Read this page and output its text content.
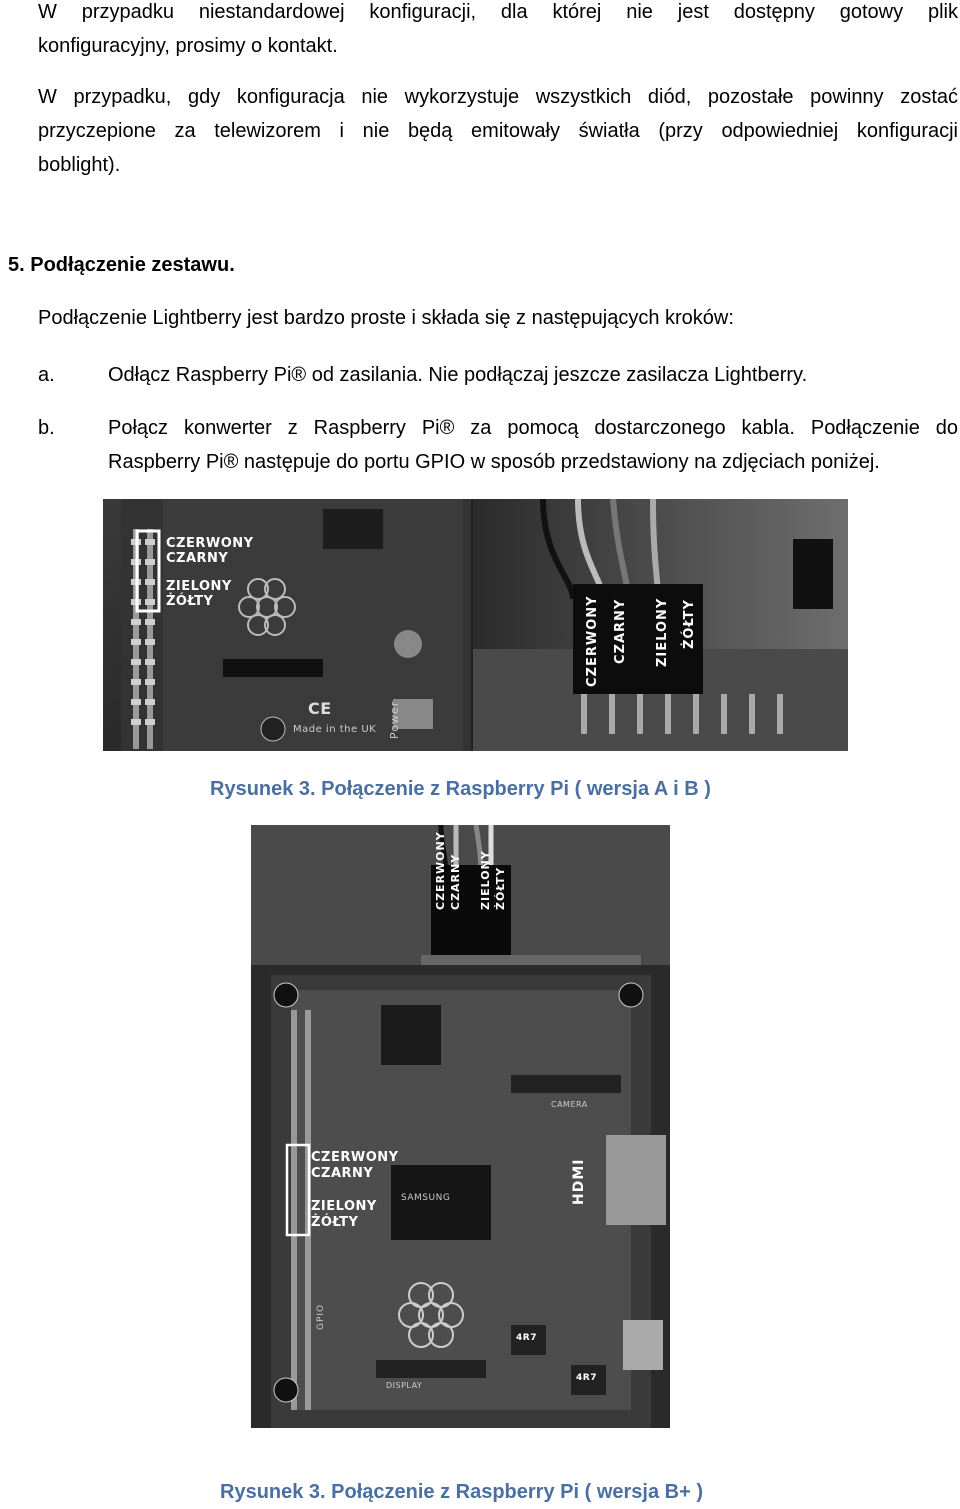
W przypadku niestandardowej konfiguracji, dla której nie jest dostępny gotowy plik
konfiguracyjny, prosimy o kontakt.
W przypadku, gdy konfiguracja nie wykorzystuje wszystkich diód, pozostałe powinny zostać
przyczepione za telewizorem i nie będą emitowały światła (przy odpowiedniej konfiguracji
boblight).
5. Podłączenie zestawu.
Podłączenie Lightberry jest bardzo proste i składa się z następujących kroków:
a.	Odłącz Raspberry Pi® od zasilania. Nie podłączaj jeszcze zasilacza Lightberry.
b.	Połącz konwerter z Raspberry Pi® za pomocą dostarczonego kabla. Podłączenie do
Raspberry Pi® następuje do portu GPIO w sposób przedstawiony na zdjęciach poniżej.
CZERWONY
CZARNY
ZIELONY
ŻÓŁTY
Made in the UK
CE	Power
CZERWONY CZARNY ZIELONY ŻÓŁTY
Rysunek 3. Połączenie z Raspberry Pi ( wersja A i B )
CZERWONY CZARNY ZIELONY ŻÓŁTY
CZERWONY
CZARNY
ZIELONY
ŻÓŁTY
SAMSUNG	HDMI
GPIO
CAMERA
DISPLAY
4R7
4R7
Rysunek 3. Połączenie z Raspberry Pi ( wersja B+ )
